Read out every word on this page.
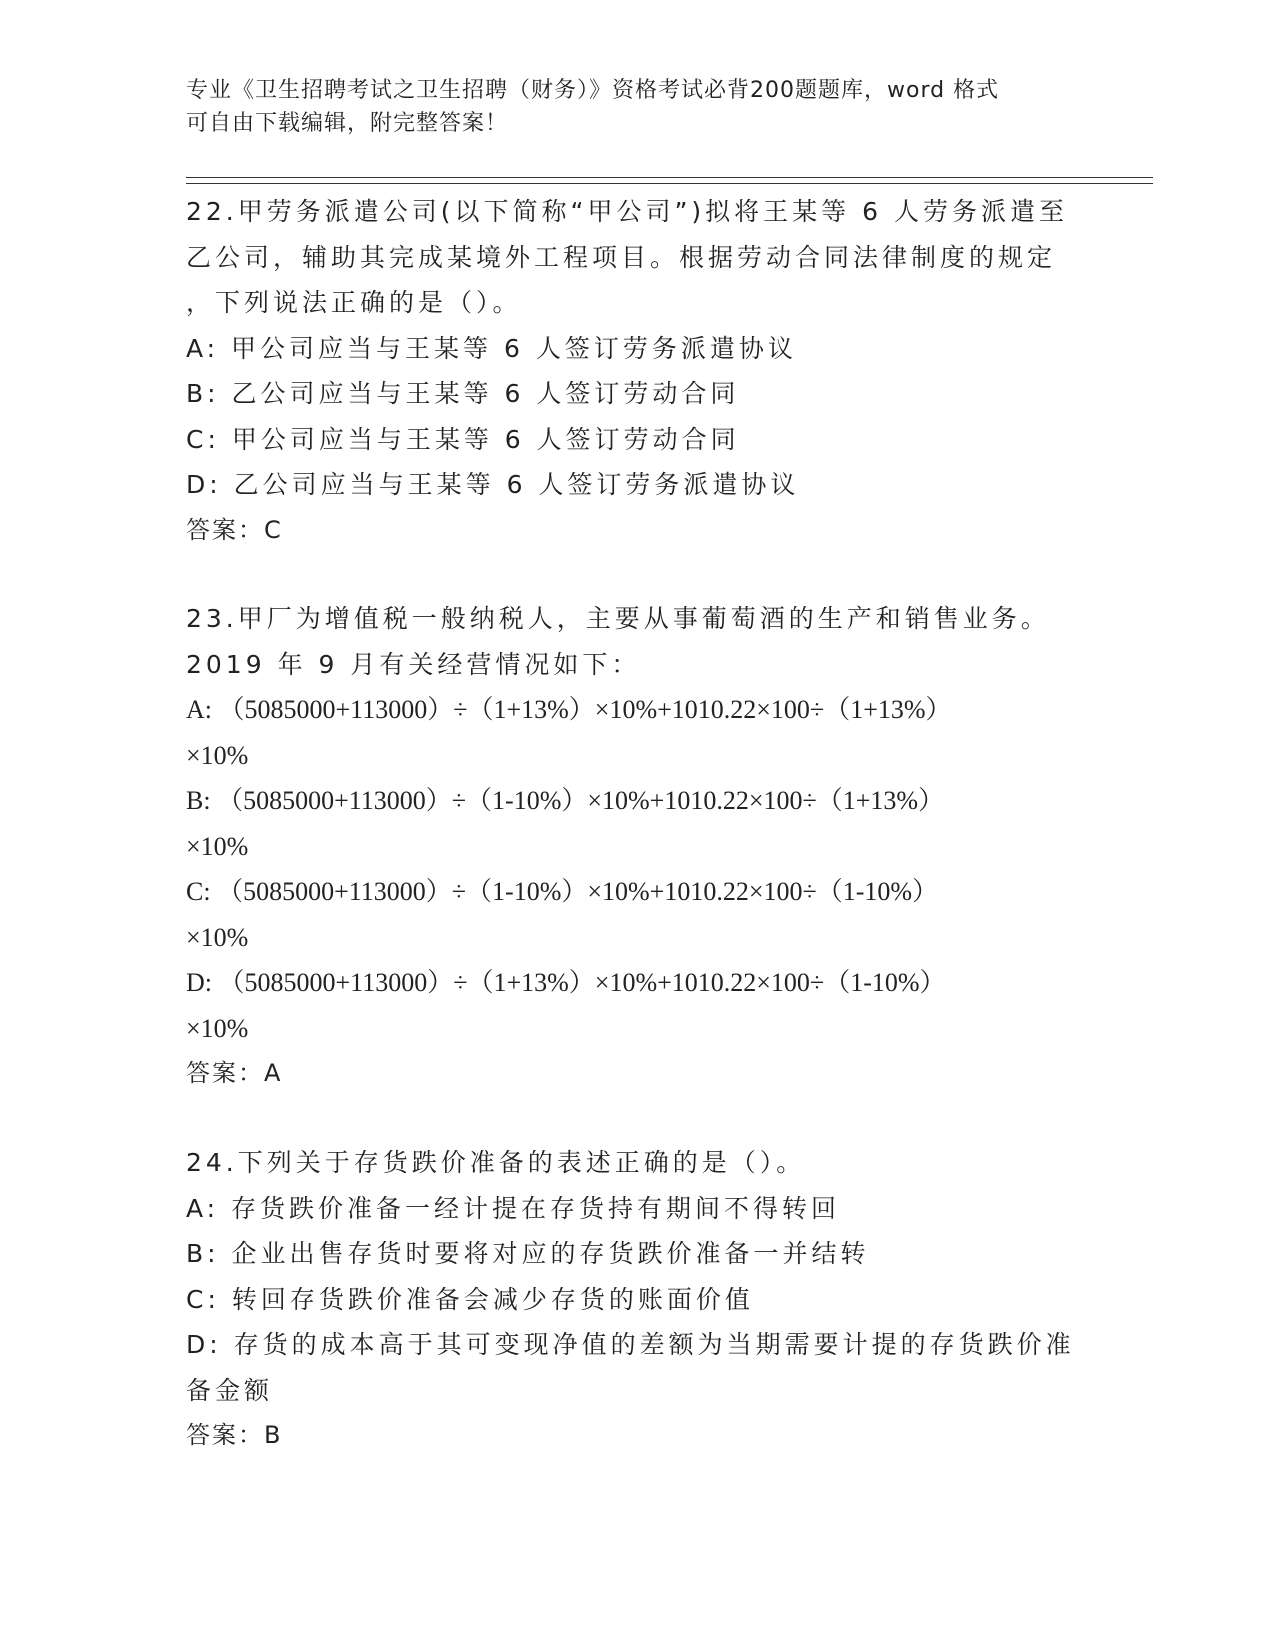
专业《卫生招聘考试之卫生招聘（财务）》资格考试必背200题题库，word 格式
可自由下载编辑，附完整答案！
22.甲劳务派遣公司(以下简称“甲公司”)拟将王某等 6 人劳务派遣至
乙公司，辅助其完成某境外工程项目。根据劳动合同法律制度的规定
，下列说法正确的是（）。
A: 甲公司应当与王某等 6 人签订劳务派遣协议
B: 乙公司应当与王某等 6 人签订劳动合同
C: 甲公司应当与王某等 6 人签订劳动合同
D: 乙公司应当与王某等 6 人签订劳务派遣协议
答案：C
23.甲厂为增值税一般纳税人，主要从事葡萄酒的生产和销售业务。
2019 年 9 月有关经营情况如下：
A: （5085000+113000）÷（1+13%）×10%+1010.22×100÷（1+13%）
×10%
B: （5085000+113000）÷（1-10%）×10%+1010.22×100÷（1+13%）
×10%
C: （5085000+113000）÷（1-10%）×10%+1010.22×100÷（1-10%）
×10%
D: （5085000+113000）÷（1+13%）×10%+1010.22×100÷（1-10%）
×10%
答案：A
24.下列关于存货跌价准备的表述正确的是（）。
A: 存货跌价准备一经计提在存货持有期间不得转回
B: 企业出售存货时要将对应的存货跌价准备一并结转
C: 转回存货跌价准备会减少存货的账面价值
D: 存货的成本高于其可变现净值的差额为当期需要计提的存货跌价准
备金额
答案：B
